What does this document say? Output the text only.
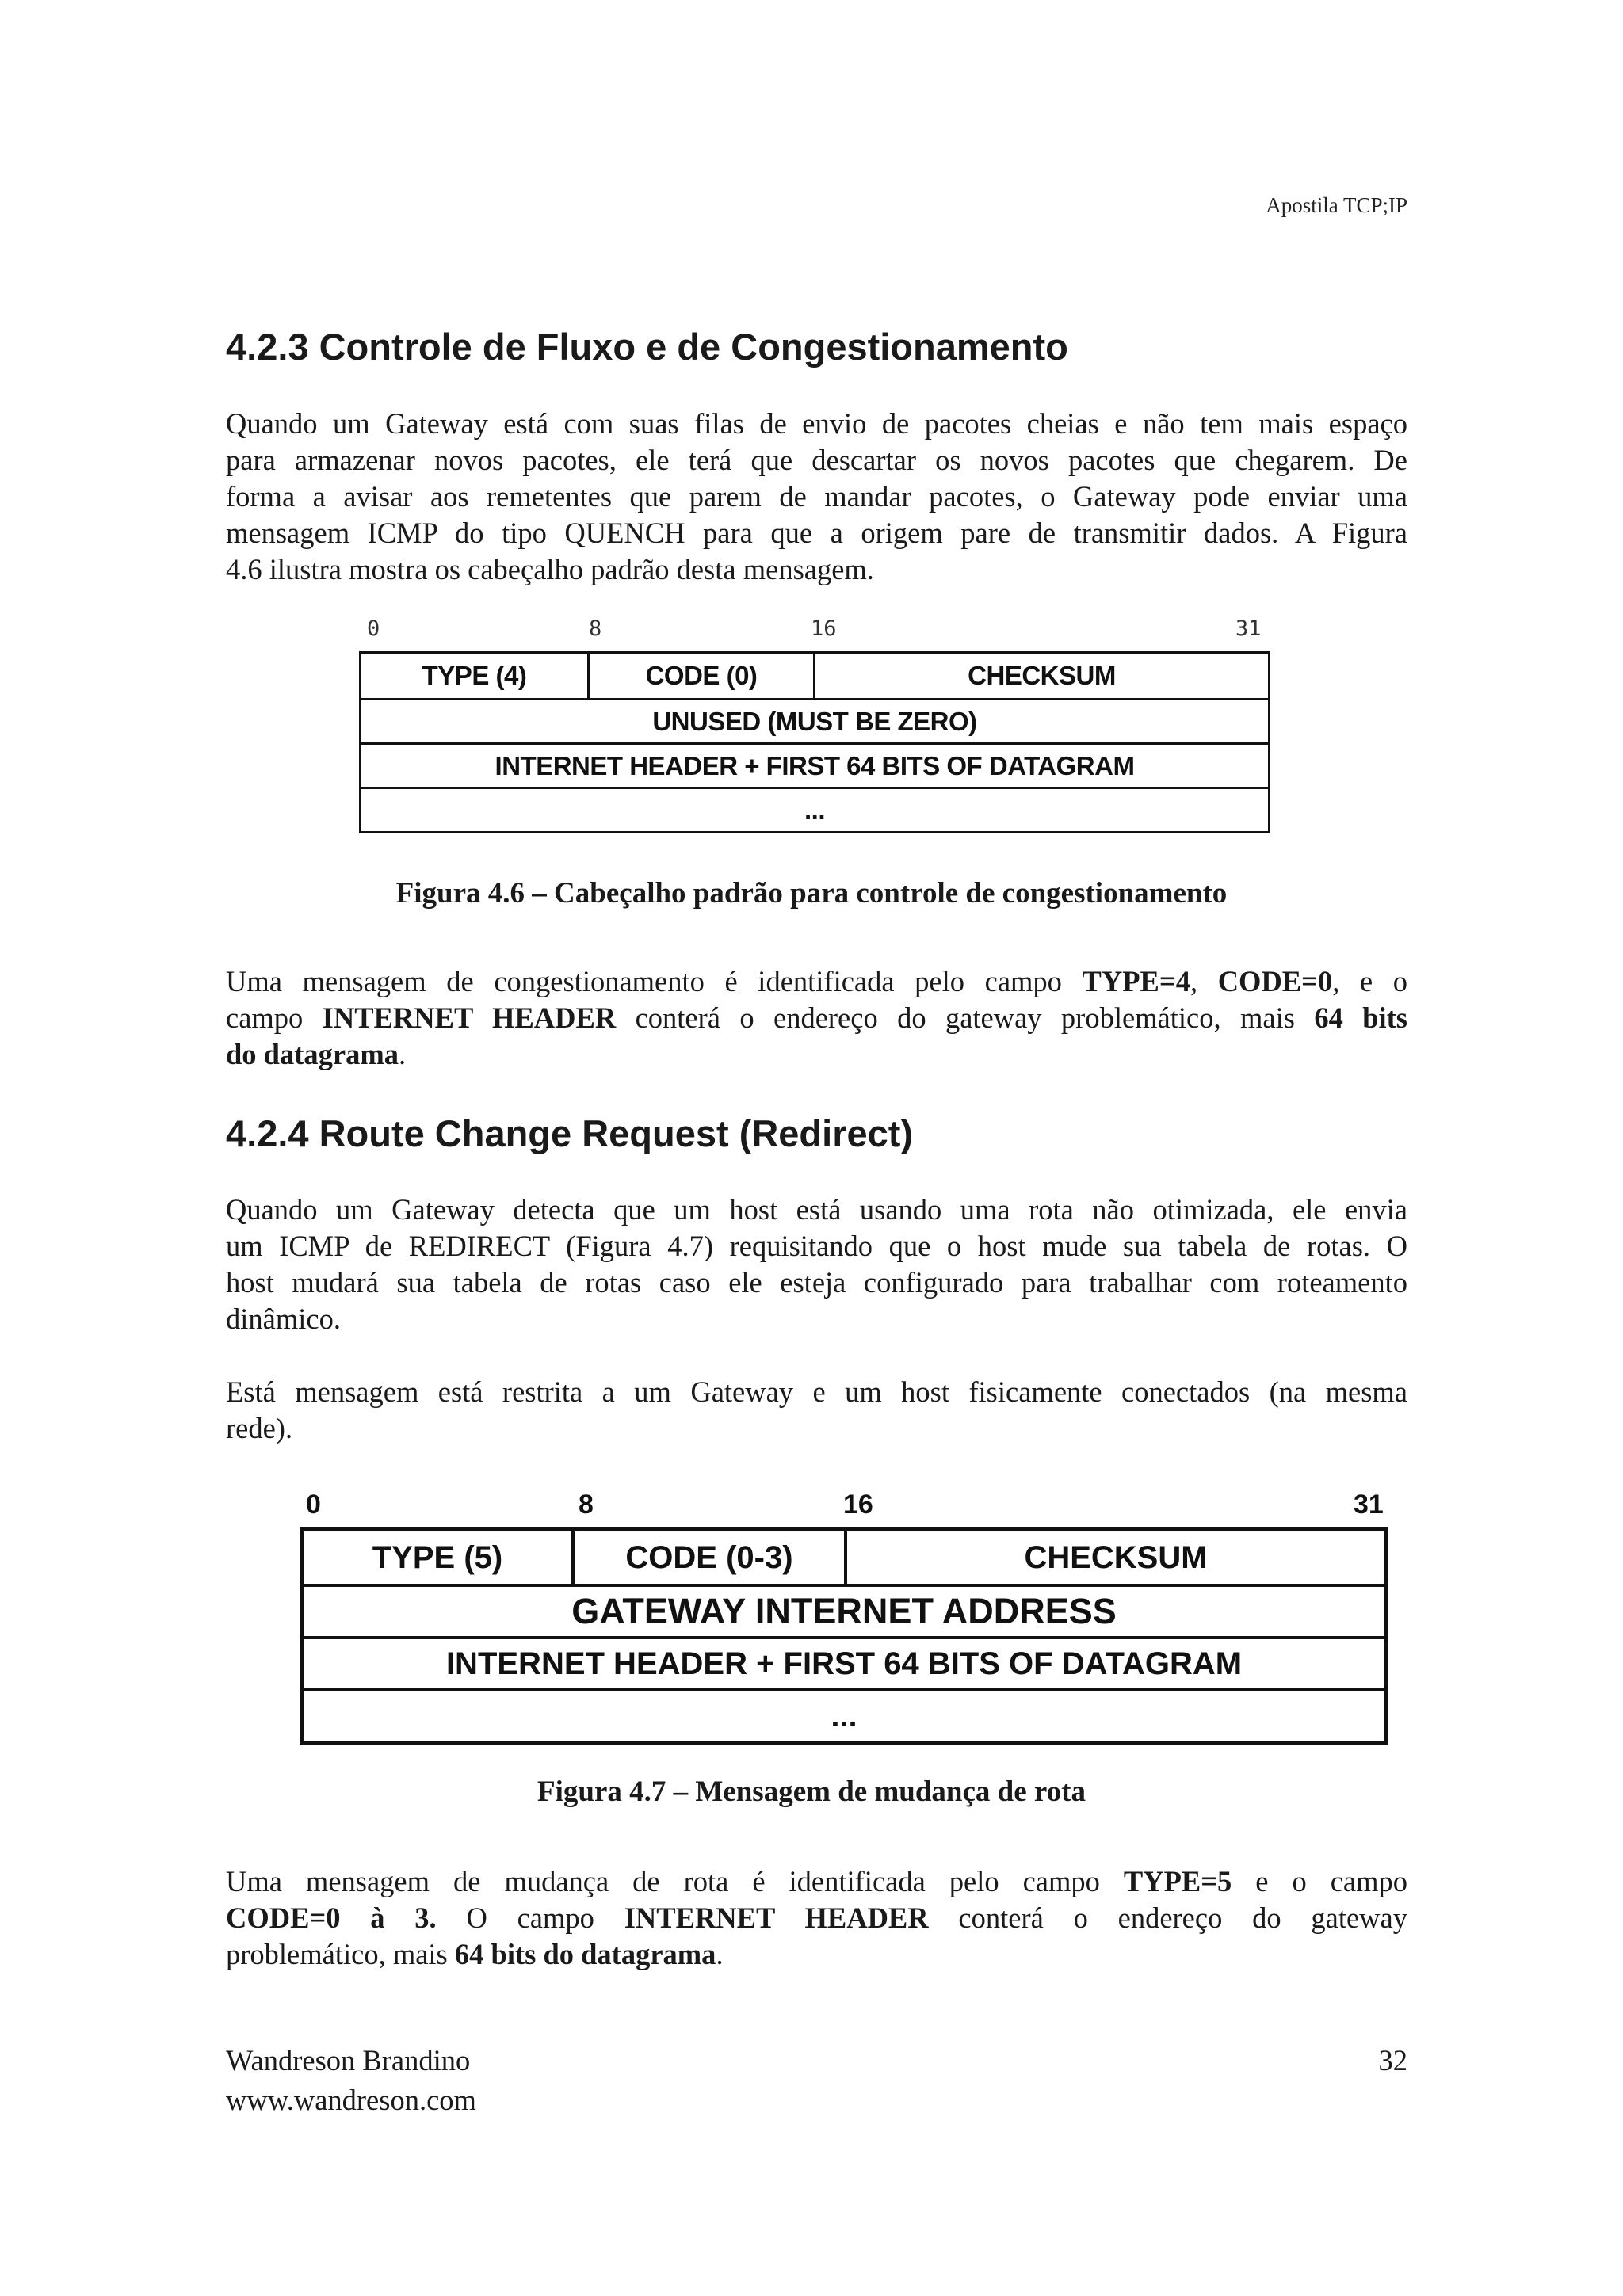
Apostila TCP;IP
4.2.3 Controle de Fluxo e de Congestionamento
Quando um Gateway está com suas filas de envio de pacotes cheias e não tem mais espaço
para armazenar novos pacotes, ele terá que descartar os novos pacotes que chegarem. De
forma a avisar aos remetentes que parem de mandar pacotes, o Gateway pode enviar uma
mensagem ICMP do tipo QUENCH para que a origem pare de transmitir dados. A Figura
4.6 ilustra mostra os cabeçalho padrão desta mensagem.
0	8	16	31
TYPE (4)	CODE (0)	CHECKSUM
UNUSED (MUST BE ZERO)
INTERNET HEADER + FIRST 64 BITS OF DATAGRAM
...

Figura 4.6 – Cabeçalho padrão para controle de congestionamento

Uma mensagem de congestionamento é identificada pelo campo TYPE=4, CODE=0, e o
campo INTERNET HEADER conterá o endereço do gateway problemático, mais 64 bits
do datagrama.
4.2.4 Route Change Request (Redirect)
Quando um Gateway detecta que um host está usando uma rota não otimizada, ele envia
um ICMP de REDIRECT (Figura 4.7) requisitando que o host mude sua tabela de rotas. O
host mudará sua tabela de rotas caso ele esteja configurado para trabalhar com roteamento
dinâmico.
Está mensagem está restrita a um Gateway e um host fisicamente conectados (na mesma
rede).
0	8	16	31
TYPE (5)	CODE (0-3)	CHECKSUM
GATEWAY INTERNET ADDRESS
INTERNET HEADER + FIRST 64 BITS OF DATAGRAM
...

Figura 4.7 – Mensagem de mudança de rota

Uma mensagem de mudança de rota é identificada pelo campo TYPE=5 e o campo
CODE=0 à 3. O campo INTERNET HEADER conterá o endereço do gateway
problemático, mais 64 bits do datagrama.
Wandreson Brandino
www.wandreson.com
32
